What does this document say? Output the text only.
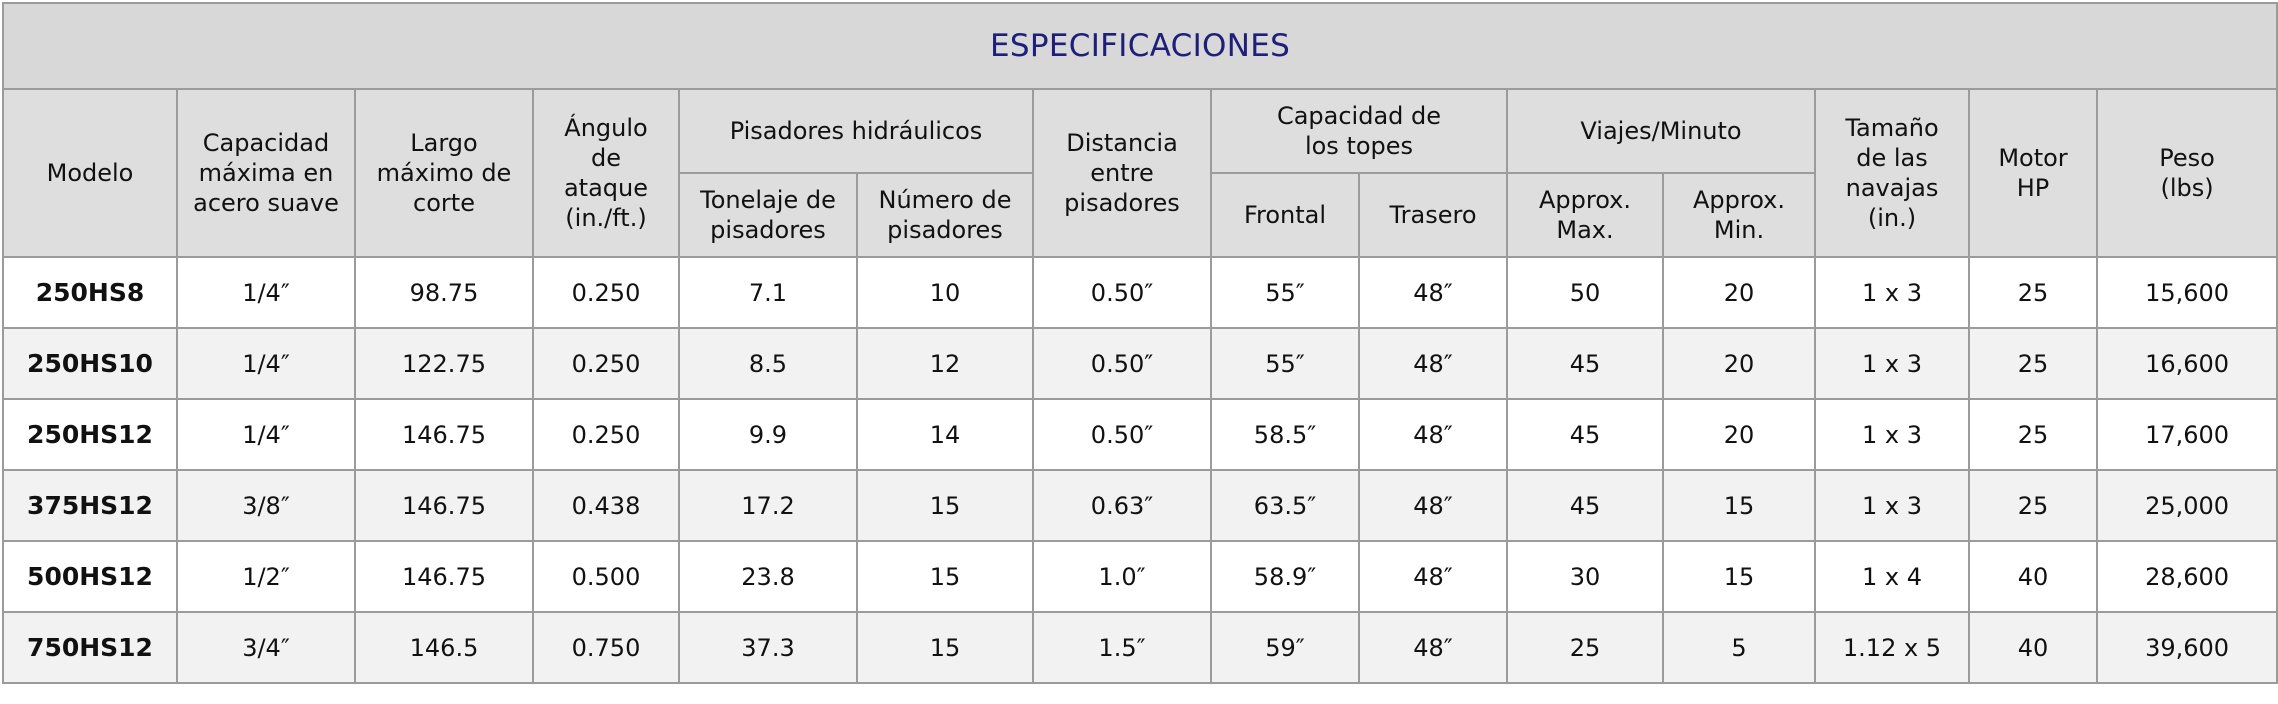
ESPECIFICACIONES													
Modelo	Capacidad
máxima en
acero suave	Largo
máximo de
corte	Ángulo
de
ataque
(in./ft.)	Pisadores hidráulicos		Distancia
entre
pisadores	Capacidad de
los topes		Viajes/Minuto		Tamaño
de las
navajas
(in.)	Motor
HP	Peso
(lbs)
				Tonelaje de
pisadores	Número de
pisadores		Frontal	Trasero	Approx.
Max.	Approx.
Min.			
250HS8	1/4″	98.75	0.250	7.1	10	0.50″	55″	48″	50	20	1 x 3	25	15,600
250HS10	1/4″	122.75	0.250	8.5	12	0.50″	55″	48″	45	20	1 x 3	25	16,600
250HS12	1/4″	146.75	0.250	9.9	14	0.50″	58.5″	48″	45	20	1 x 3	25	17,600
375HS12	3/8″	146.75	0.438	17.2	15	0.63″	63.5″	48″	45	15	1 x 3	25	25,000
500HS12	1/2″	146.75	0.500	23.8	15	1.0″	58.9″	48″	30	15	1 x 4	40	28,600
750HS12	3/4″	146.5	0.750	37.3	15	1.5″	59″	48″	25	5	1.12 x 5	40	39,600
